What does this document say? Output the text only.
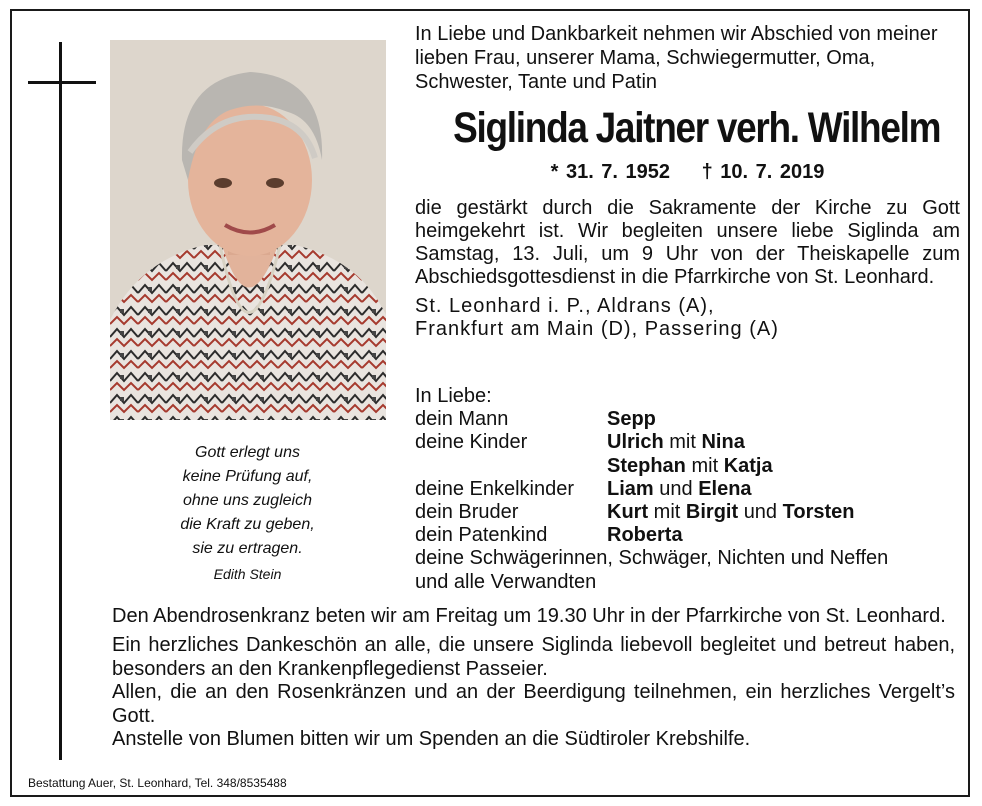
Gott erlegt uns
keine Prüfung auf,
ohne uns zugleich
die Kraft zu geben,
sie zu ertragen.
Edith Stein
In Liebe und Dankbarkeit nehmen wir Abschied von meiner lieben Frau, unserer Mama, Schwiegermutter, Oma, Schwester, Tante und Patin
Siglinda Jaitner verh. Wilhelm
* 31. 7. 1952 † 10. 7. 2019
die gestärkt durch die Sakramente der Kirche zu Gott heimgekehrt ist. Wir begleiten unsere liebe Siglinda am Samstag, 13. Juli, um 9 Uhr von der Theiskapelle zum Abschiedsgottesdienst in die Pfarrkirche von St. Leonhard.
St. Leonhard i. P., Aldrans (A),
Frankfurt am Main (D), Passering (A)
In Liebe:
dein Mann	Sepp
deine Kinder	Ulrich mit Nina
Stephan mit Katja
deine Enkelkinder	Liam und Elena
dein Bruder	Kurt mit Birgit und Torsten
dein Patenkind	Roberta
deine Schwägerinnen, Schwäger, Nichten und Neffen
und alle Verwandten

Den Abendrosenkranz beten wir am Freitag um 19.30 Uhr in der Pfarrkirche von St. Leonhard.

Ein herzliches Dankeschön an alle, die unsere Siglinda liebevoll begleitet und betreut haben, besonders an den Krankenpflegedienst Passeier.

Allen, die an den Rosenkränzen und an der Beerdigung teilnehmen, ein herzliches Vergelt’s Gott.

Anstelle von Blumen bitten wir um Spenden an die Südtiroler Krebshilfe.

Bestattung Auer, St. Leonhard, Tel. 348/8535488
